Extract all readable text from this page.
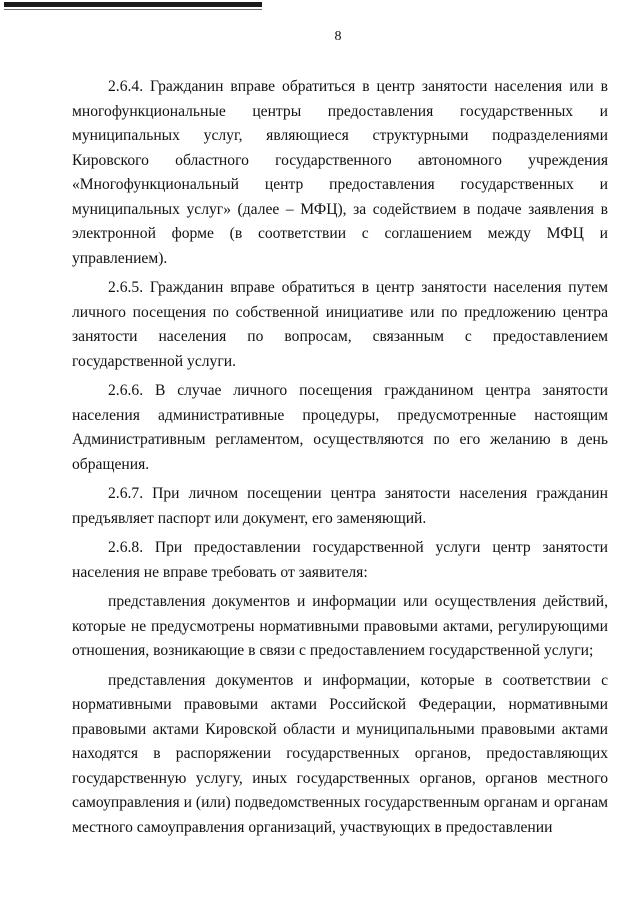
8

2.6.4. Гражданин вправе обратиться в центр занятости населения или в многофункциональные центры предоставления государственных и муниципальных услуг, являющиеся структурными подразделениями Кировского областного государственного автономного учреждения «Многофункциональный центр предоставления государственных и муниципальных услуг» (далее – МФЦ), за содействием в подаче заявления в электронной форме (в соответствии с соглашением между МФЦ и управлением).

2.6.5. Гражданин вправе обратиться в центр занятости населения путем личного посещения по собственной инициативе или по предложению центра занятости населения по вопросам, связанным с предоставлением государственной услуги.

2.6.6. В случае личного посещения гражданином центра занятости населения административные процедуры, предусмотренные настоящим Административным регламентом, осуществляются по его желанию в день обращения.

2.6.7. При личном посещении центра занятости населения гражданин предъявляет паспорт или документ, его заменяющий.

2.6.8. При предоставлении государственной услуги центр занятости населения не вправе требовать от заявителя:

представления документов и информации или осуществления действий, которые не предусмотрены нормативными правовыми актами, регулирующими отношения, возникающие в связи с предоставлением государственной услуги;

представления документов и информации, которые в соответствии с нормативными правовыми актами Российской Федерации, нормативными правовыми актами Кировской области и муниципальными правовыми актами находятся в распоряжении государственных органов, предоставляющих государственную услугу, иных государственных органов, органов местного самоуправления и (или) подведомственных государственным органам и органам местного самоуправления организаций, участвующих в предоставлении
